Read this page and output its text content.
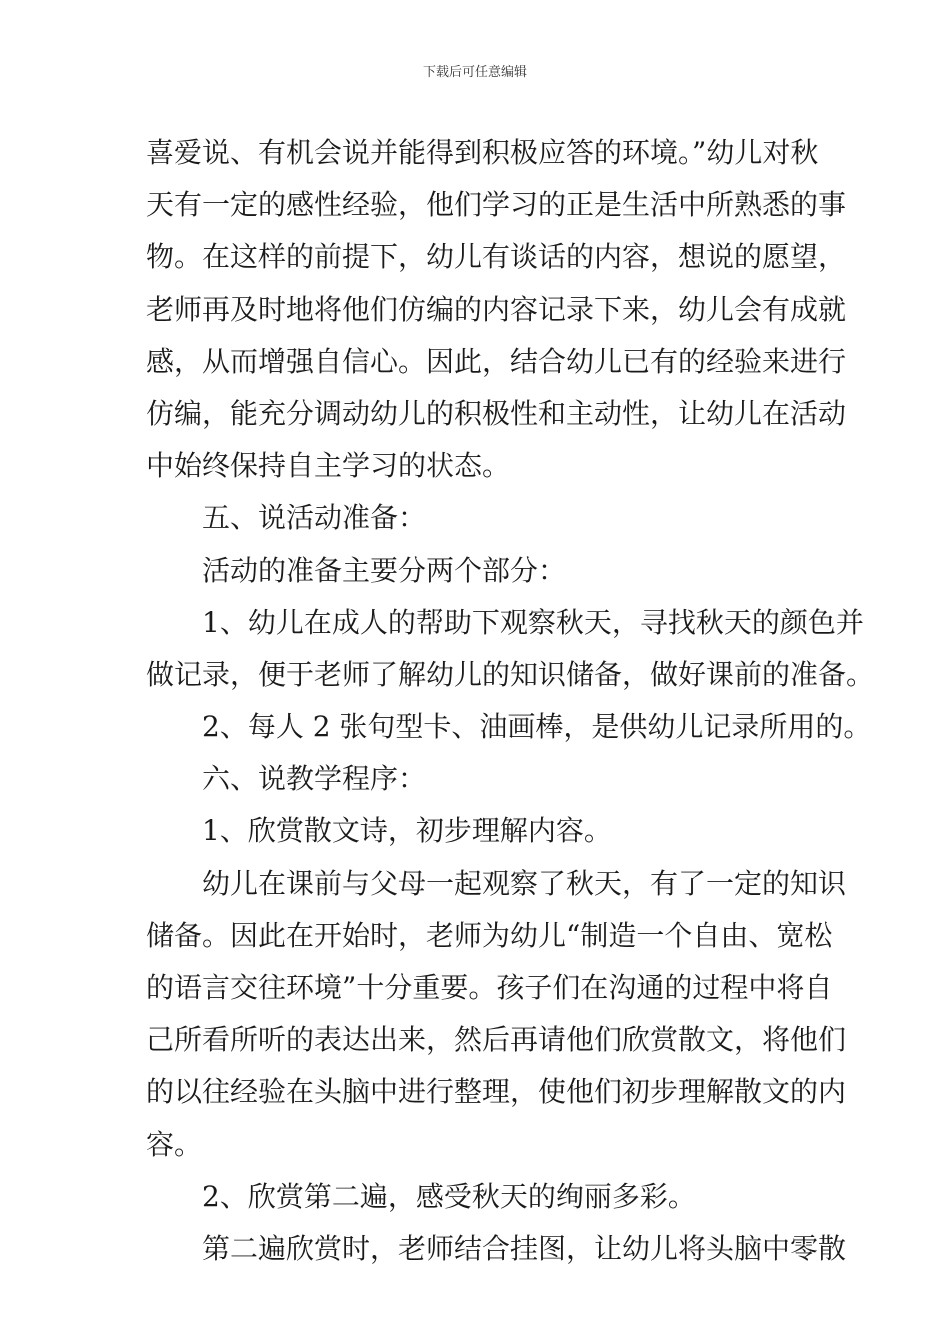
下载后可任意编辑
喜爱说、有机会说并能得到积极应答的环境。”幼儿对秋
天有一定的感性经验，他们学习的正是生活中所熟悉的事
物。在这样的前提下，幼儿有谈话的内容，想说的愿望，
老师再及时地将他们仿编的内容记录下来，幼儿会有成就
感，从而增强自信心。因此，结合幼儿已有的经验来进行
仿编，能充分调动幼儿的积极性和主动性，让幼儿在活动
中始终保持自主学习的状态。
五、说活动准备：
活动的准备主要分两个部分：
1、幼儿在成人的帮助下观察秋天，寻找秋天的颜色并
做记录，便于老师了解幼儿的知识储备，做好课前的准备。
2、每人 2 张句型卡、油画棒，是供幼儿记录所用的。
六、说教学程序：
1、欣赏散文诗，初步理解内容。
幼儿在课前与父母一起观察了秋天，有了一定的知识
储备。因此在开始时，老师为幼儿“制造一个自由、宽松
的语言交往环境”十分重要。孩子们在沟通的过程中将自
己所看所听的表达出来，然后再请他们欣赏散文，将他们
的以往经验在头脑中进行整理，使他们初步理解散文的内
容。
2、欣赏第二遍，感受秋天的绚丽多彩。
第二遍欣赏时，老师结合挂图，让幼儿将头脑中零散
